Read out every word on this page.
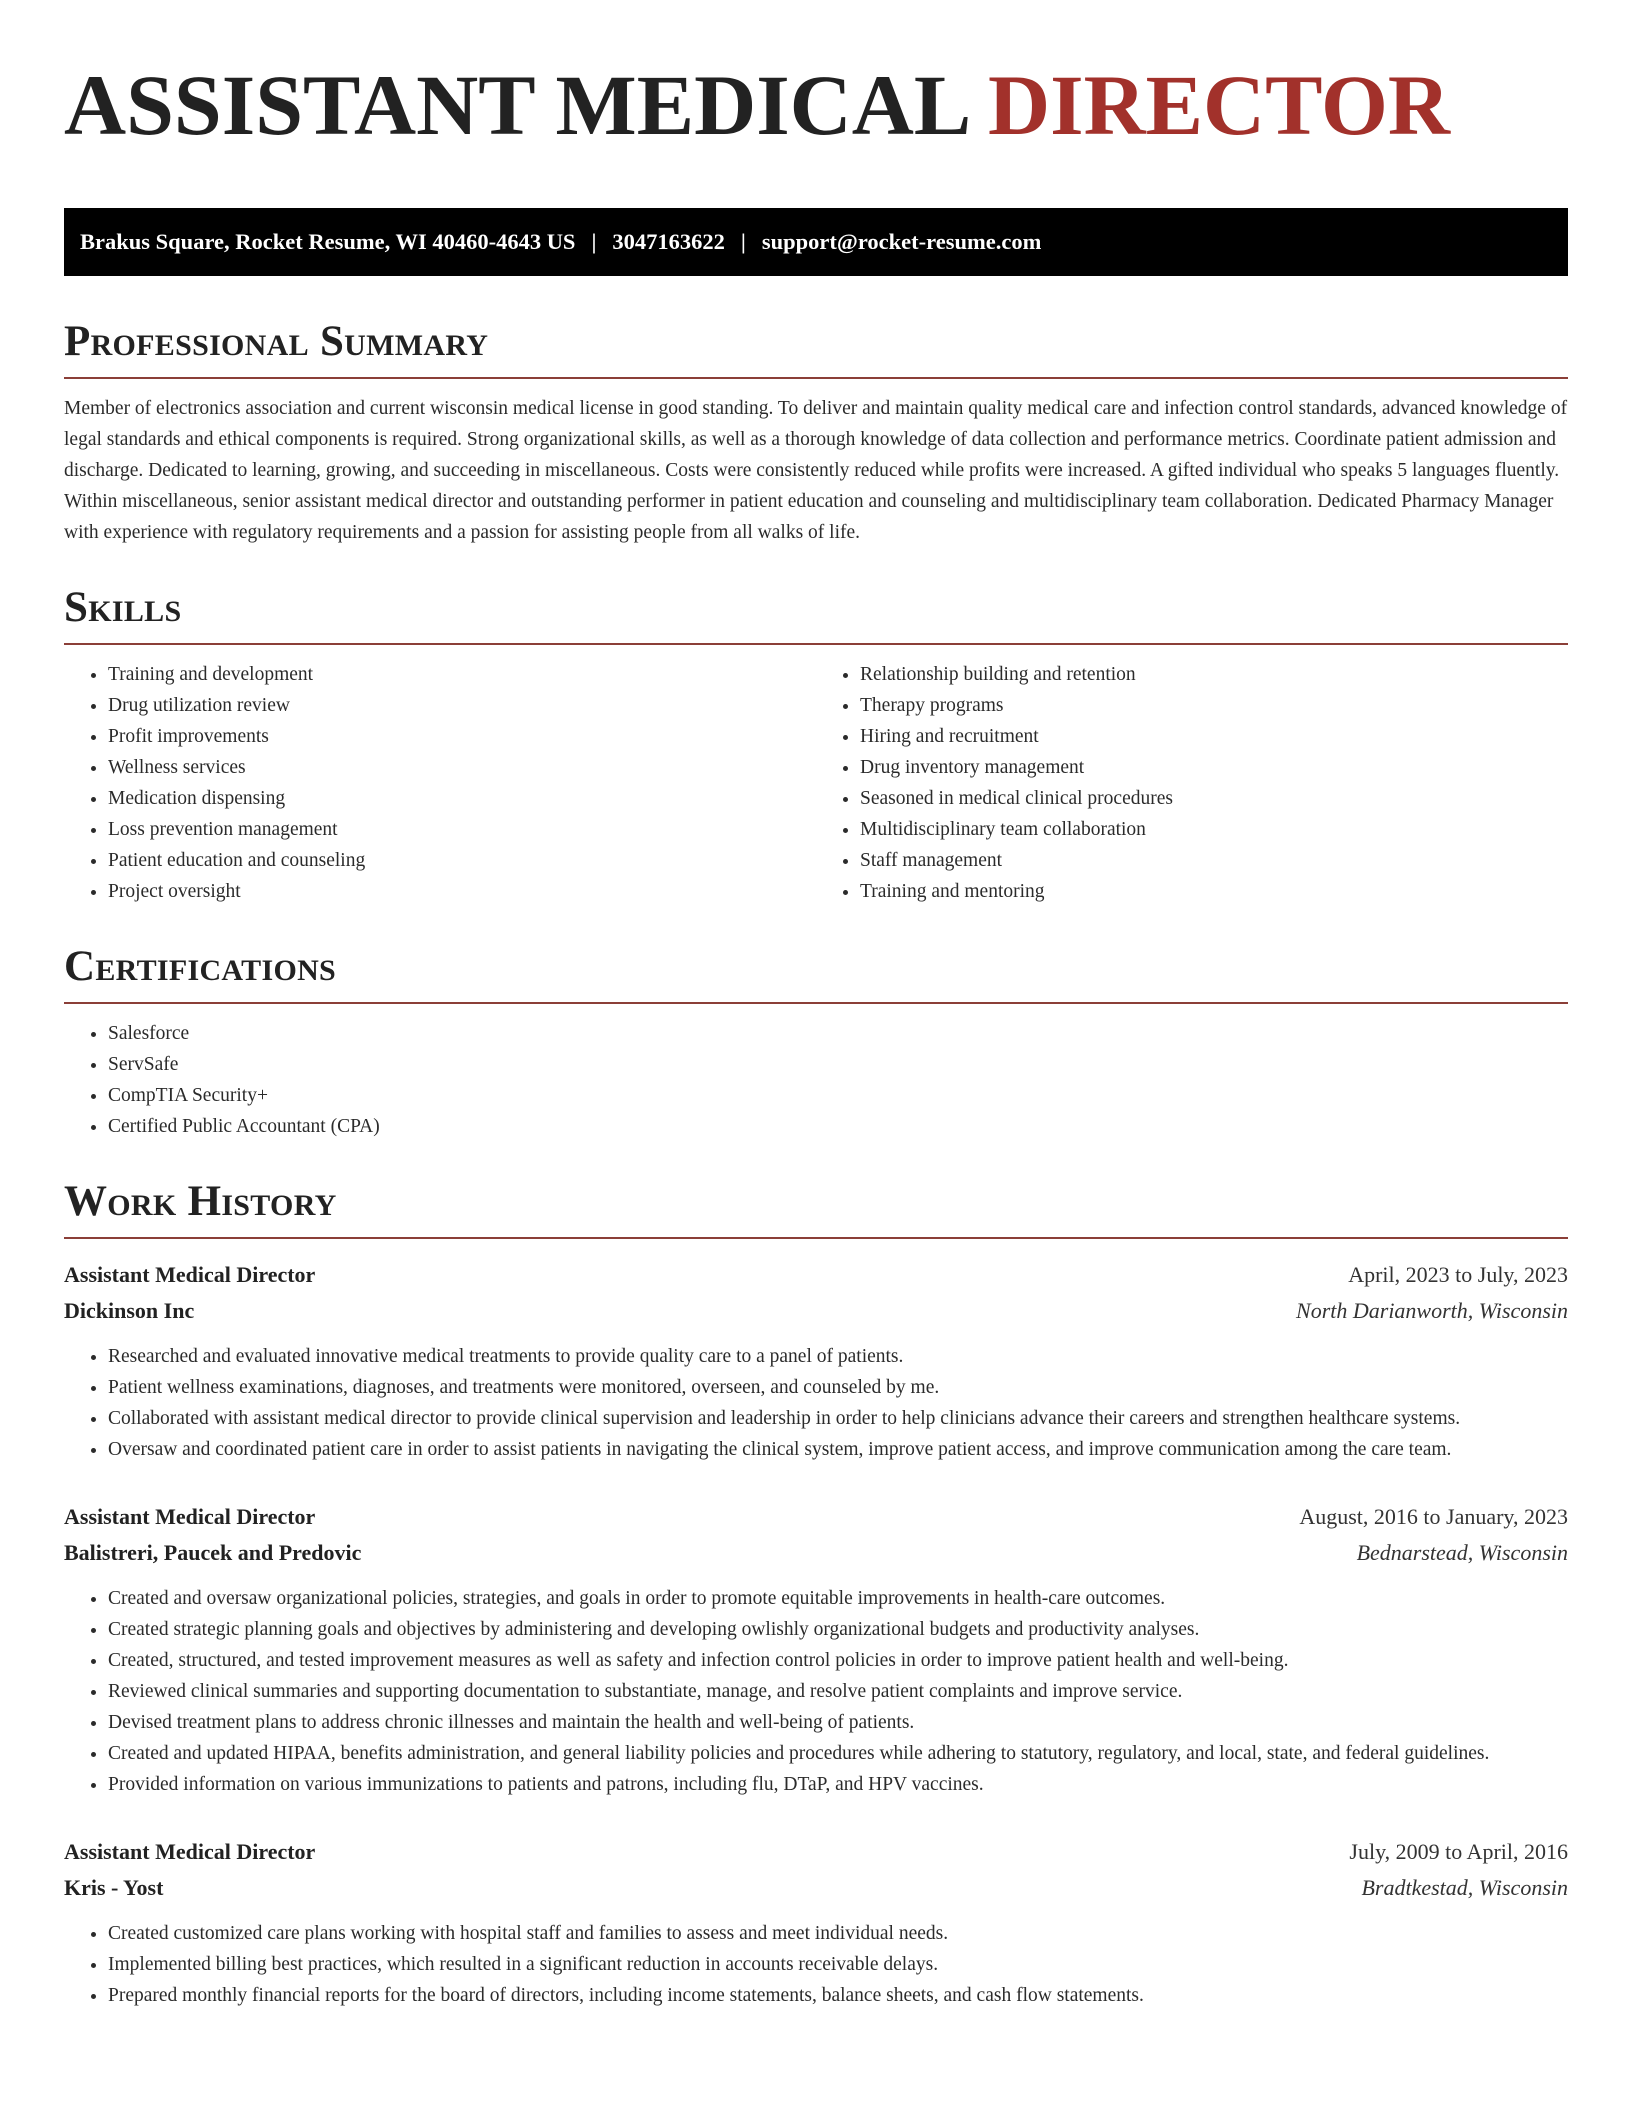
ASSISTANT MEDICAL DIRECTOR
Brakus Square, Rocket Resume, WI 40460-4643 US | 3047163622 | support@rocket-resume.com
Professional Summary

Member of electronics association and current wisconsin medical license in good standing. To deliver and maintain quality medical care and infection control standards, advanced knowledge of legal standards and ethical components is required. Strong organizational skills, as well as a thorough knowledge of data collection and performance metrics. Coordinate patient admission and discharge. Dedicated to learning, growing, and succeeding in miscellaneous. Costs were consistently reduced while profits were increased. A gifted individual who speaks 5 languages fluently. Within miscellaneous, senior assistant medical director and outstanding performer in patient education and counseling and multidisciplinary team collaboration. Dedicated Pharmacy Manager with experience with regulatory requirements and a passion for assisting people from all walks of life.

Skills
• Training and development
• Drug utilization review
• Profit improvements
• Wellness services
• Medication dispensing
• Loss prevention management
• Patient education and counseling
• Project oversight
• Relationship building and retention
• Therapy programs
• Hiring and recruitment
• Drug inventory management
• Seasoned in medical clinical procedures
• Multidisciplinary team collaboration
• Staff management
• Training and mentoring
Certifications
• Salesforce
• ServSafe
• CompTIA Security+
• Certified Public Accountant (CPA)
Work History
Assistant Medical Director	April, 2023 to July, 2023
Dickinson Inc	North Darianworth, Wisconsin
• Researched and evaluated innovative medical treatments to provide quality care to a panel of patients.
• Patient wellness examinations, diagnoses, and treatments were monitored, overseen, and counseled by me.
• Collaborated with assistant medical director to provide clinical supervision and leadership in order to help clinicians advance their careers and strengthen healthcare systems.
• Oversaw and coordinated patient care in order to assist patients in navigating the clinical system, improve patient access, and improve communication among the care team.
Assistant Medical Director	August, 2016 to January, 2023
Balistreri, Paucek and Predovic	Bednarstead, Wisconsin
• Created and oversaw organizational policies, strategies, and goals in order to promote equitable improvements in health-care outcomes.
• Created strategic planning goals and objectives by administering and developing owlishly organizational budgets and productivity analyses.
• Created, structured, and tested improvement measures as well as safety and infection control policies in order to improve patient health and well-being.
• Reviewed clinical summaries and supporting documentation to substantiate, manage, and resolve patient complaints and improve service.
• Devised treatment plans to address chronic illnesses and maintain the health and well-being of patients.
• Created and updated HIPAA, benefits administration, and general liability policies and procedures while adhering to statutory, regulatory, and local, state, and federal guidelines.
• Provided information on various immunizations to patients and patrons, including flu, DTaP, and HPV vaccines.
Assistant Medical Director	July, 2009 to April, 2016
Kris - Yost	Bradtkestad, Wisconsin
• Created customized care plans working with hospital staff and families to assess and meet individual needs.
• Implemented billing best practices, which resulted in a significant reduction in accounts receivable delays.
• Prepared monthly financial reports for the board of directors, including income statements, balance sheets, and cash flow statements.
